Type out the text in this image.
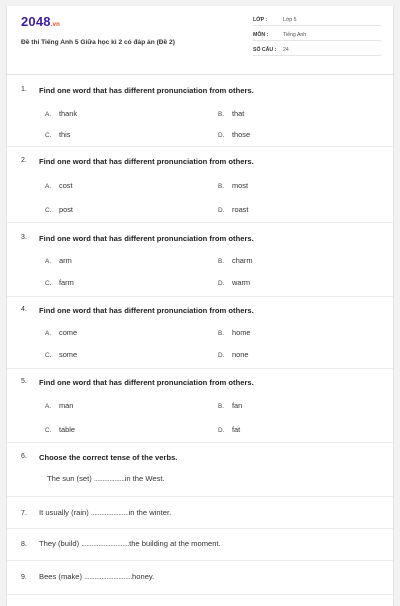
2048.vn
Đề thi Tiếng Anh 5 Giữa học kì 2 có đáp án (Đề 2)
LỚP :	Lớp 5
MÔN :	Tiếng Anh
SỐ CÂU : 24
1. Find one word that has different pronunciation from others.
A. thank	B. that
C. this	D. those
2. Find one word that has different pronunciation from others.
A. cost	B. most
C. post	D. roast
3. Find one word that has different pronunciation from others.
A. arm	B. charm
C. farm	D. warm
4. Find one word that has different pronunciation from others.
A. come	B. home
C. some	D. none
5. Find one word that has different pronunciation from others.
A. man	B. fan
C. table	D. fat
6. Choose the correct tense of the verbs.
The sun (set) ..................in the West.
7. It usually (rain) ......................in the winter.
8. They (build) ............................the building at the moment.
9. Bees (make) ............................honey.
